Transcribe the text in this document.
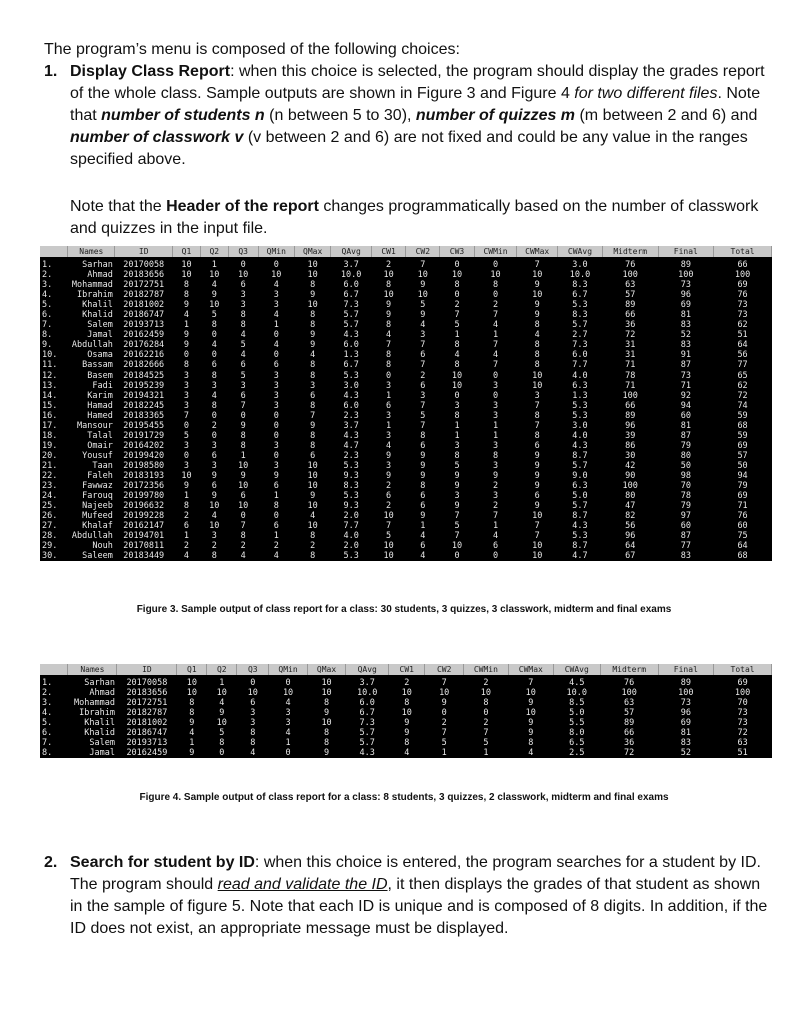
The program’s menu is composed of the following choices:

1. Display Class Report: when this choice is selected, the program should display the grades report of the whole class. Sample outputs are shown in Figure 3 and Figure 4 for two different files. Note that number of students n (n between 5 to 30), number of quizzes m (m between 2 and 6) and number of classwork v (v between 2 and 6) are not fixed and could be any value in the ranges specified above.

Note that the Header of the report changes programmatically based on the number of classwork and quizzes in the input file.

	Names	ID	Q1	Q2	Q3	QMin	QMax	QAvg	CW1	CW2	CW3	CWMin	CWMax	CWAvg	Midterm	Final	Total

1.	Sarhan	20170058	10	1	0	0	10	3.7	2	7	0	0	7	3.0	76	89	66
2.	Ahmad	20183656	10	10	10	10	10	10.0	10	10	10	10	10	10.0	100	100	100
3.	Mohammad	20172751	8	4	6	4	8	6.0	8	9	8	8	9	8.3	63	73	69
4.	Ibrahim	20182787	8	9	3	3	9	6.7	10	10	0	0	10	6.7	57	96	76
5.	Khalil	20181002	9	10	3	3	10	7.3	9	5	2	2	9	5.3	89	69	73
6.	Khalid	20186747	4	5	8	4	8	5.7	9	9	7	7	9	8.3	66	81	73
7.	Salem	20193713	1	8	8	1	8	5.7	8	4	5	4	8	5.7	36	83	62
8.	Jamal	20162459	9	0	4	0	9	4.3	4	3	1	1	4	2.7	72	52	51
9.	Abdullah	20176284	9	4	5	4	9	6.0	7	7	8	7	8	7.3	31	83	64
10.	Osama	20162216	0	0	4	0	4	1.3	8	6	4	4	8	6.0	31	91	56
11.	Bassam	20182666	8	6	6	6	8	6.7	8	7	8	7	8	7.7	71	87	77
12.	Basem	20184525	3	8	5	3	8	5.3	0	2	10	0	10	4.0	78	73	65
13.	Fadi	20195239	3	3	3	3	3	3.0	3	6	10	3	10	6.3	71	71	62
14.	Karim	20194321	3	4	6	3	6	4.3	1	3	0	0	3	1.3	100	92	72
15.	Hamad	20182245	3	8	7	3	8	6.0	6	7	3	3	7	5.3	66	94	74
16.	Hamed	20183365	7	0	0	0	7	2.3	3	5	8	3	8	5.3	89	60	59
17.	Mansour	20195455	0	2	9	0	9	3.7	1	7	1	1	7	3.0	96	81	68
18.	Talal	20191729	5	0	8	0	8	4.3	3	8	1	1	8	4.0	39	87	59
19.	Omair	20164202	3	3	8	3	8	4.7	4	6	3	3	6	4.3	86	79	69
20.	Yousuf	20199420	0	6	1	0	6	2.3	9	9	8	8	9	8.7	30	80	57
21.	Taan	20198580	3	3	10	3	10	5.3	3	9	5	3	9	5.7	42	50	50
22.	Faleh	20183193	10	9	9	9	10	9.3	9	9	9	9	9	9.0	90	98	94
23.	Fawwaz	20172356	9	6	10	6	10	8.3	2	8	9	2	9	6.3	100	70	79
24.	Farouq	20199780	1	9	6	1	9	5.3	6	6	3	3	6	5.0	80	78	69
25.	Najeeb	20196632	8	10	10	8	10	9.3	2	6	9	2	9	5.7	47	79	71
26.	Mufeed	20199228	2	4	0	0	4	2.0	10	9	7	7	10	8.7	82	97	76
27.	Khalaf	20162147	6	10	7	6	10	7.7	7	1	5	1	7	4.3	56	60	60
28.	Abdullah	20194701	1	3	8	1	8	4.0	5	4	7	4	7	5.3	96	87	75
29.	Nouh	20170811	2	2	2	2	2	2.0	10	6	10	6	10	8.7	64	77	64
30.	Saleem	20183449	4	8	4	4	8	5.3	10	4	0	0	10	4.7	67	83	68

Figure 3. Sample output of class report for a class: 30 students, 3 quizzes, 3 classwork, midterm and final exams

	Names	ID	Q1	Q2	Q3	QMin	QMax	QAvg	CW1	CW2	CWMin	CWMax	CWAvg	Midterm	Final	Total

1.	Sarhan	20170058	10	1	0	0	10	3.7	2	7	2	7	4.5	76	89	69
2.	Ahmad	20183656	10	10	10	10	10	10.0	10	10	10	10	10.0	100	100	100
3.	Mohammad	20172751	8	4	6	4	8	6.0	8	9	8	9	8.5	63	73	70
4.	Ibrahim	20182787	8	9	3	3	9	6.7	10	0	0	10	5.0	57	96	73
5.	Khalil	20181002	9	10	3	3	10	7.3	9	2	2	9	5.5	89	69	73
6.	Khalid	20186747	4	5	8	4	8	5.7	9	7	7	9	8.0	66	81	72
7.	Salem	20193713	1	8	8	1	8	5.7	8	5	5	8	6.5	36	83	63
8.	Jamal	20162459	9	0	4	0	9	4.3	4	1	1	4	2.5	72	52	51

Figure 4. Sample output of class report for a class: 8 students, 3 quizzes, 2 classwork, midterm and final exams

2. Search for student by ID: when this choice is entered, the program searches for a student by ID. The program should read and validate the ID, it then displays the grades of that student as shown in the sample of figure 5. Note that each ID is unique and is composed of 8 digits. In addition, if the ID does not exist, an appropriate message must be displayed.
